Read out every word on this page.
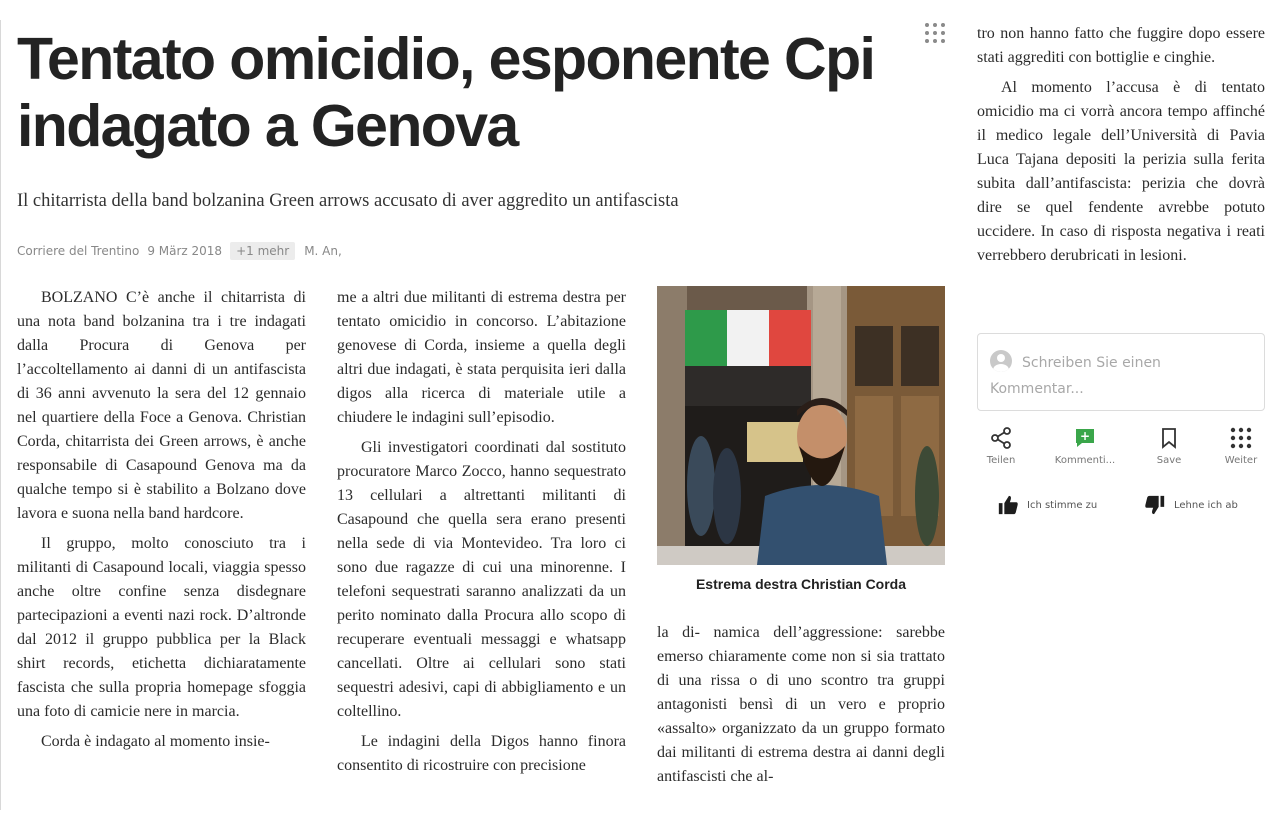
Tentato omicidio, esponente Cpi indagato a Genova

Il chitarrista della band bolzanina Green arrows accusato di aver aggredito un antifascista

Corriere del Trentino 9 März 2018	+1 mehr	M. An,

BOLZANO C’è anche il chitarrista di una nota band bolzanina tra i tre indagati dalla Procura di Genova per l’accoltellamento ai danni di un antifascista di 36 anni avvenuto la sera del 12 gennaio nel quartiere della Foce a Genova. Christian Corda, chitarrista dei Green arrows, è anche responsabile di Casapound Genova ma da qualche tempo si è stabilito a Bolzano dove lavora e suona nella band hardcore.

Il gruppo, molto conosciuto tra i militanti di Casapound locali, viaggia spesso anche oltre confine senza disdegnare partecipazioni a eventi nazi rock. D’altronde dal 2012 il gruppo pubblica per la Black shirt records, etichetta dichiaratamente fascista che sulla propria homepage sfoggia una foto di camicie nere in marcia.

Corda è indagato al momento insie-

me a altri due militanti di estrema destra per tentato omicidio in concorso. L’abitazione genovese di Corda, insieme a quella degli altri due indagati, è stata perquisita ieri dalla digos alla ricerca di materiale utile a chiudere le indagini sull’episodio.

Gli investigatori coordinati dal sostituto procuratore Marco Zocco, hanno sequestrato 13 cellulari a altrettanti militanti di Casapound che quella sera erano presenti nella sede di via Montevideo. Tra loro ci sono due ragazze di cui una minorenne. I telefoni sequestrati saranno analizzati da un perito nominato dalla Procura allo scopo di recuperare eventuali messaggi e whatsapp cancellati. Oltre ai cellulari sono stati sequestri adesivi, capi di abbigliamento e un coltellino.

Le indagini della Digos hanno finora consentito di ricostruire con precisione

Estrema destra Christian Corda

la di- namica dell’aggressione: sarebbe emerso chiaramente come non si sia trattato di una rissa o di uno scontro tra gruppi antagonisti bensì di un vero e proprio «assalto» organizzato da un gruppo formato dai militanti di estrema destra ai danni degli antifascisti che al-

tro non hanno fatto che fuggire dopo essere stati aggrediti con bottiglie e cinghie.

Al momento l’accusa è di tentato omicidio ma ci vorrà ancora tempo affinché il medico legale dell’Università di Pavia Luca Tajana depositi la perizia sulla ferita subita dall’antifascista: perizia che dovrà dire se quel fendente avrebbe potuto uccidere. In caso di risposta negativa i reati verrebbero derubricati in lesioni.

Schreiben Sie einen Kommentar...
Teilen
+
Kommenti...	Save	Weiter
Ich stimme zu	Lehne ich ab
